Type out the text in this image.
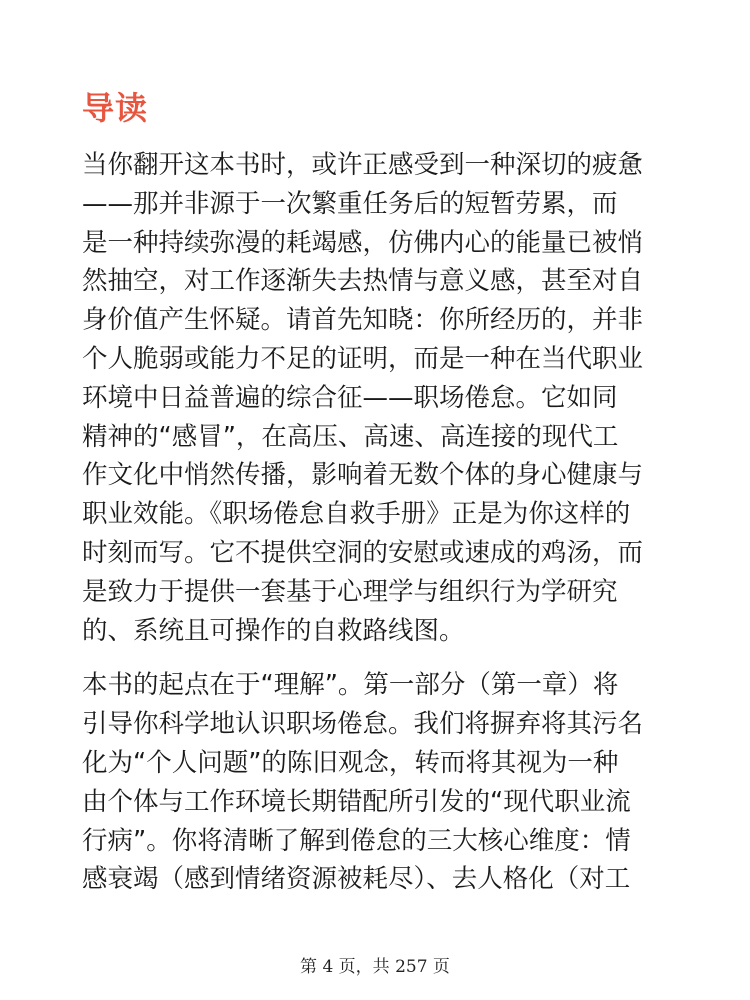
导读

当你翻开这本书时，或许正感受到一种深切的疲惫
——那并非源于一次繁重任务后的短暂劳累，而
是一种持续弥漫的耗竭感，仿佛内心的能量已被悄
然抽空，对工作逐渐失去热情与意义感，甚至对自
身价值产生怀疑。请首先知晓：你所经历的，并非
个人脆弱或能力不足的证明，而是一种在当代职业
环境中日益普遍的综合征——职场倦怠。它如同
精神的“感冒”，在高压、高速、高连接的现代工
作文化中悄然传播，影响着无数个体的身心健康与
职业效能。《职场倦怠自救手册》正是为你这样的
时刻而写。它不提供空洞的安慰或速成的鸡汤，而
是致力于提供一套基于心理学与组织行为学研究
的、系统且可操作的自救路线图。

本书的起点在于“理解”。第一部分（第一章）将
引导你科学地认识职场倦怠。我们将摒弃将其污名
化为“个人问题”的陈旧观念，转而将其视为一种
由个体与工作环境长期错配所引发的“现代职业流
行病”。你将清晰了解到倦怠的三大核心维度：情
感衰竭（感到情绪资源被耗尽）、去人格化（对工

第 4 页，共 257 页
